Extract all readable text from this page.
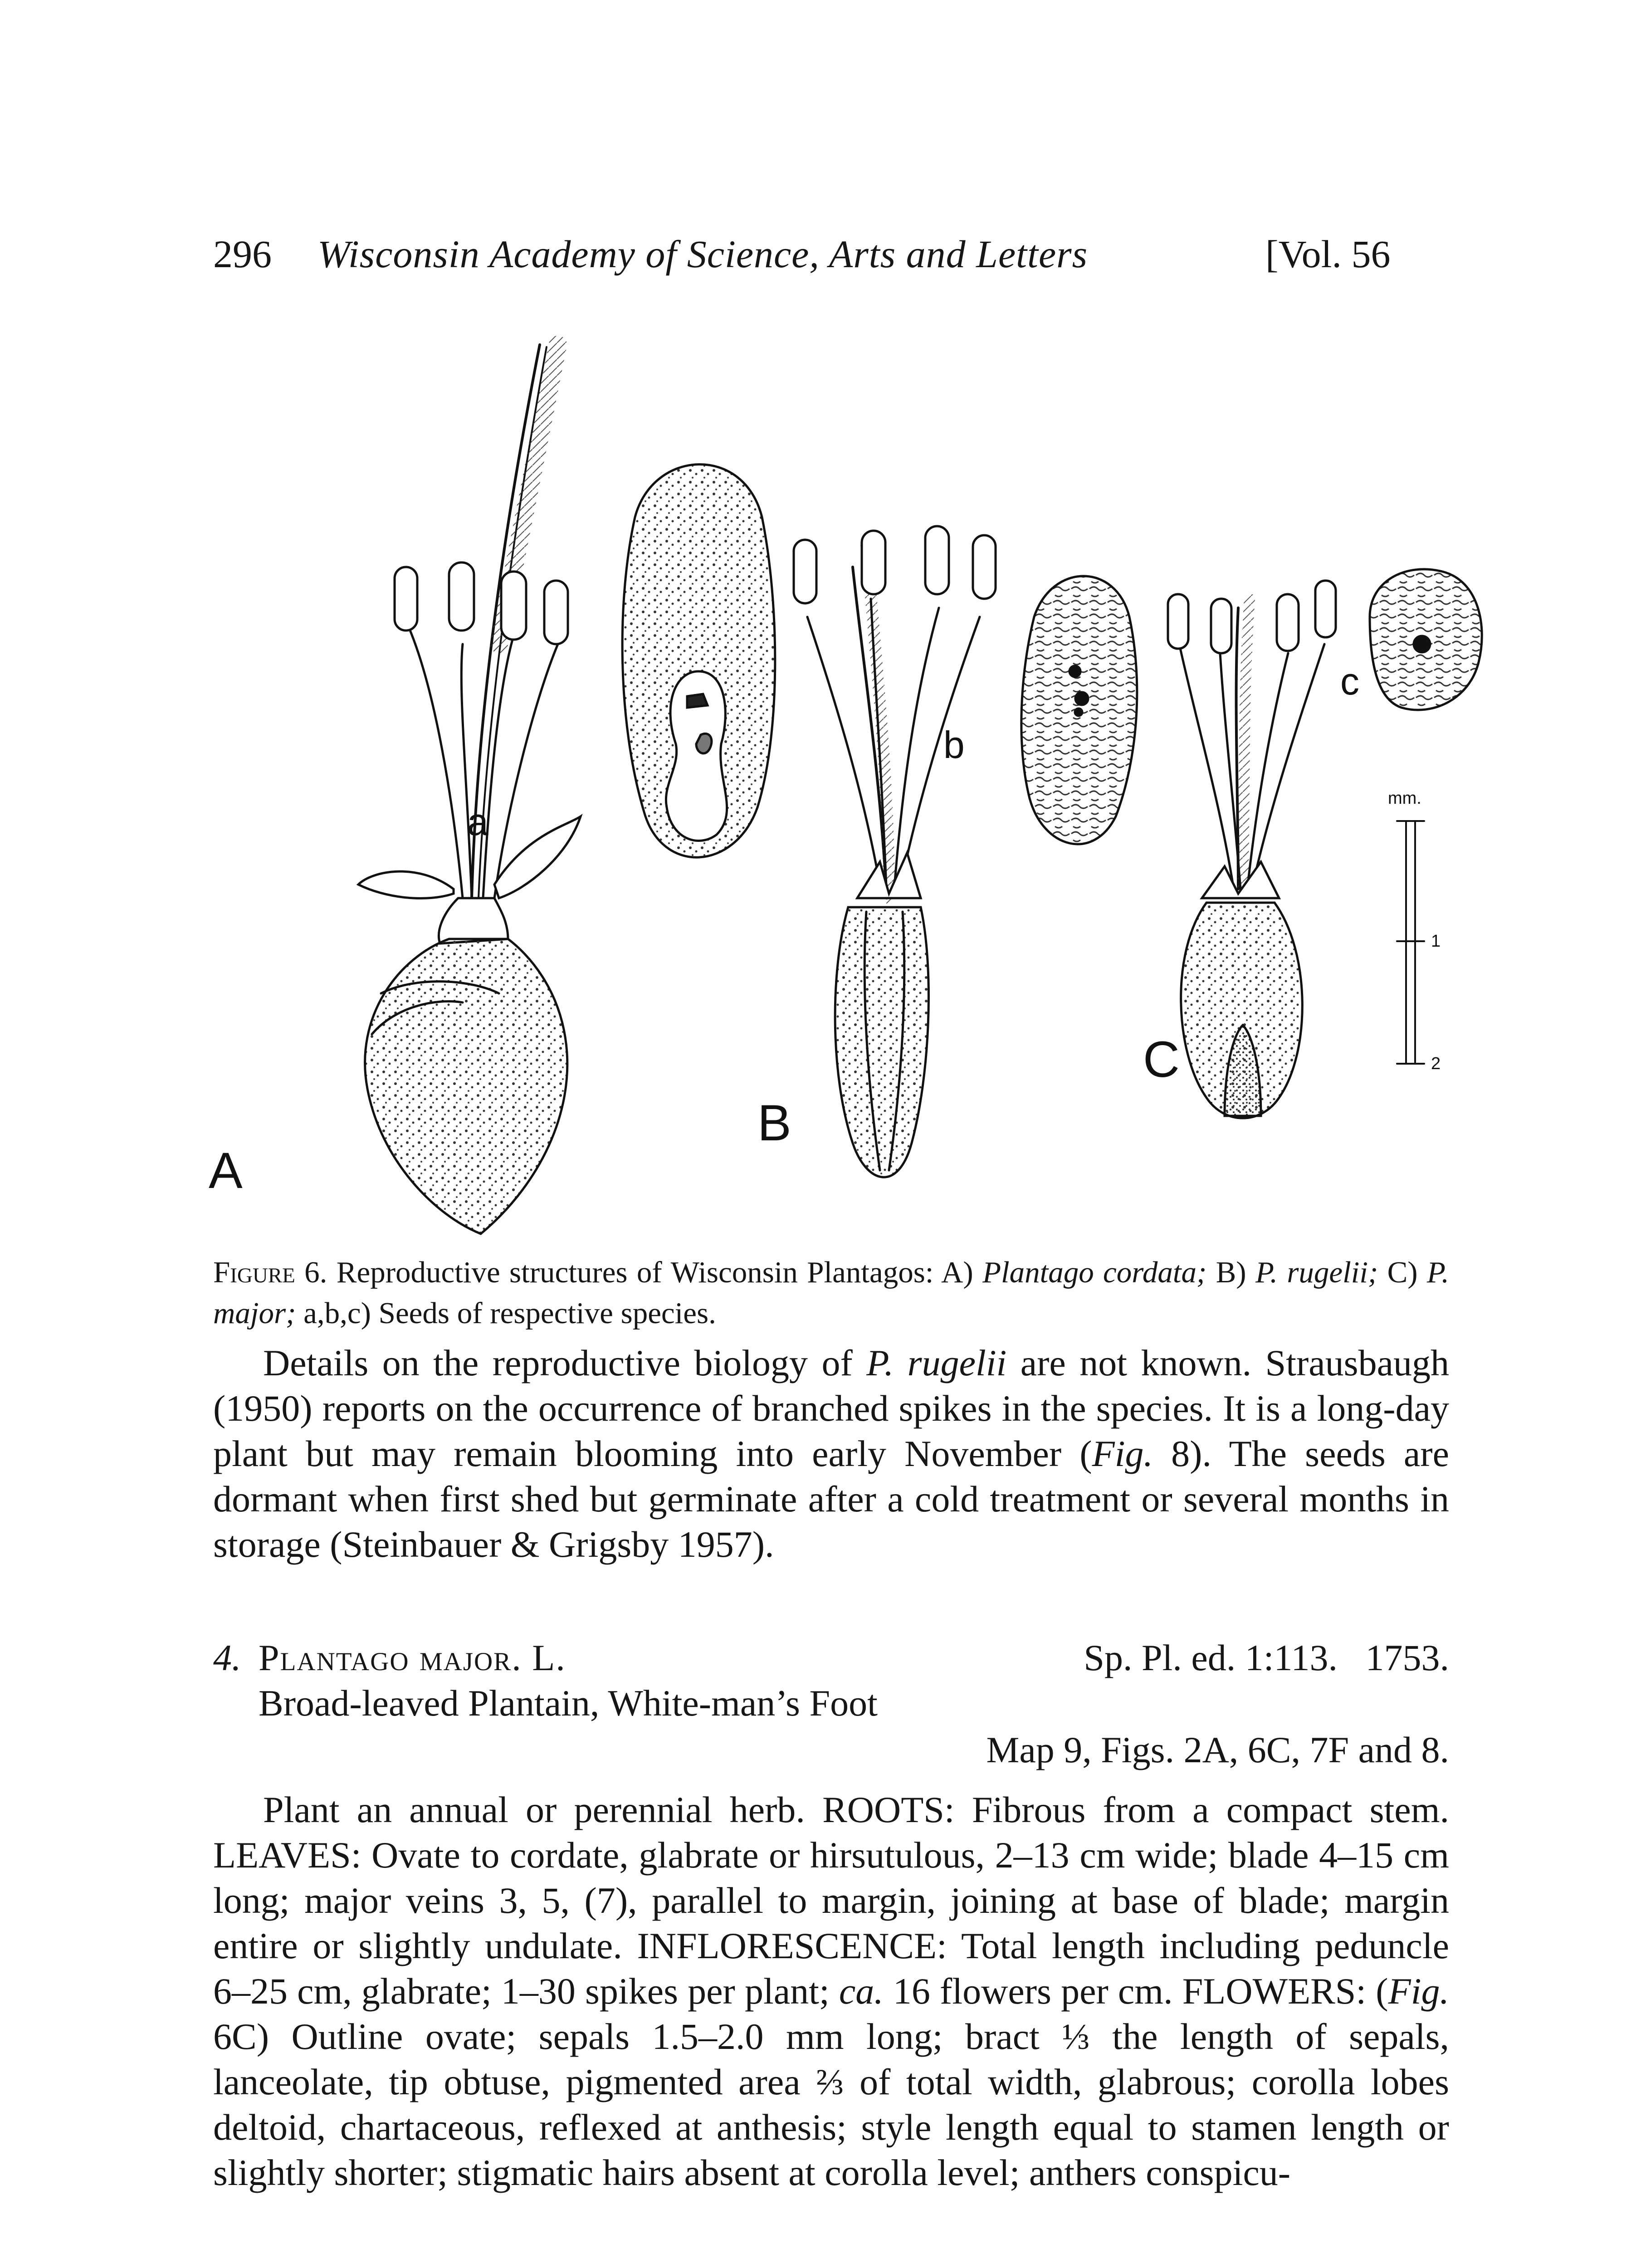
296 Wisconsin Academy of Science, Arts and Letters	[Vol. 56
A
B
C
a
b
c
mm.
1
2
Figure 6. Reproductive structures of Wisconsin Plantagos: A) Plantago cordata; B) P. rugelii; C) P. major; a,b,c) Seeds of respective species.

Details on the reproductive biology of P. rugelii are not known. Strausbaugh (1950) reports on the occurrence of branched spikes in the species. It is a long-day plant but may remain blooming into early November (Fig. 8). The seeds are dormant when first shed but germinate after a cold treatment or several months in storage (Steinbauer & Grigsby 1957).

4. Plantago major. L.	Sp. Pl. ed. 1:113.   1753.
Broad-leaved Plantain, White-man’s Foot
Map 9, Figs. 2A, 6C, 7F and 8.

Plant an annual or perennial herb. ROOTS: Fibrous from a compact stem. LEAVES: Ovate to cordate, glabrate or hirsutulous, 2–13 cm wide; blade 4–15 cm long; major veins 3, 5, (7), parallel to margin, joining at base of blade; margin entire or slightly undulate. INFLORESCENCE: Total length including peduncle 6–25 cm, glabrate; 1–30 spikes per plant; ca. 16 flowers per cm. FLOWERS: (Fig. 6C) Outline ovate; sepals 1.5–2.0 mm long; bract ⅓ the length of sepals, lanceolate, tip obtuse, pigmented area ⅔ of total width, glabrous; corolla lobes deltoid, chartaceous, reflexed at anthesis; style length equal to stamen length or slightly shorter; stigmatic hairs absent at corolla level; anthers conspicu-
